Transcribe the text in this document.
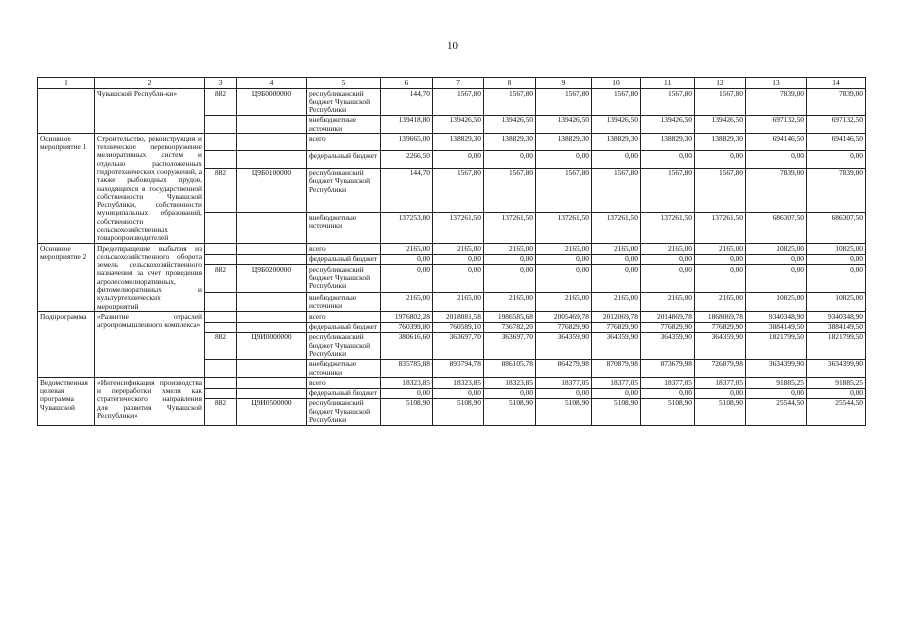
10
1	2	3	4	5	6	7	8	9	10	11	12	13	14
	Чувашской Республи-ки»	882	Ц9Б0000000	республиканский бюджет Чувашской Республики	144,70	1567,80	1567,80	1567,80	1567,80	1567,80	1567,80	7839,00	7839,00
				внебюджетные источники	139418,80	139426,50	139426,50	139426,50	139426,50	139426,50	139426,50	697132,50	697132,50
Основное мероприятие 1	Строительство, реконструкция и техническое перевооружение мелиоративных систем и отдельно расположенных гидротехнических сооружений, а также рыбоводных прудов, находящихся в государственной собственности Чувашской Республики, собственности муниципальных образований, собственности сельскохозяйственных товаропроизводителей			всего	139665,00	138829,30	138829,30	138829,30	138829,30	138829,30	138829,30	694146,50	694146,50
				федеральный бюджет	2266,50	0,00	0,00	0,00	0,00	0,00	0,00	0,00	0,00
		882	Ц9Б0100000	республиканский бюджет Чувашской Республики	144,70	1567,80	1567,80	1567,80	1567,80	1567,80	1567,80	7839,00	7839,00
				внебюджетные источники	137253,80	137261,50	137261,50	137261,50	137261,50	137261,50	137261,50	686307,50	686307,50
Основное мероприятие 2	Предотвращение выбытия из сельскохозяйственного оборота земель сельскохозяйственного назначения за счет проведения агролесомелиоративных, фитомелиоративных и культуртехнических мероприятий			всего	2165,00	2165,00	2165,00	2165,00	2165,00	2165,00	2165,00	10825,00	10825,00
				федеральный бюджет	0,00	0,00	0,00	0,00	0,00	0,00	0,00	0,00	0,00
		882	Ц9Б0200000	республиканский бюджет Чувашской Республики	0,00	0,00	0,00	0,00	0,00	0,00	0,00	0,00	0,00
				внебюджетные источники	2165,00	2165,00	2165,00	2165,00	2165,00	2165,00	2165,00	10825,00	10825,00
Подпрограмма	«Развитие отраслей агропромышленного комплекса»			всего	1976802,28	2018081,58	1986585,68	2005469,78	2012069,78	2014869,78	1868069,78	9340348,90	9340348,90
				федеральный бюджет	760399,80	760589,10	736782,20	776829,90	776829,90	776829,90	776829,90	3884149,50	3884149,50
		882	Ц9И0000000	республиканский бюджет Чувашской Республики	380616,60	363697,70	363697,70	364359,90	364359,90	364359,90	364359,90	1821799,50	1821799,50
				внебюджетные источники	835785,88	893794,78	886105,78	864279,98	870879,98	873679,98	726879,98	3634399,90	3634399,90
Ведомственная целевая программа Чувашской	«Интенсификация производства и переработки хмеля как стратегического направления для развития Чувашской Республики»			всего	18323,85	18323,85	18323,85	18377,05	18377,05	18377,05	18377,05	91885,25	91885,25
				федеральный бюджет	0,00	0,00	0,00	0,00	0,00	0,00	0,00	0,00	0,00
		882	Ц9И0500000	республиканский бюджет Чувашской Республики	5108,90	5108,90	5108,90	5108,90	5108,90	5108,90	5108,90	25544,50	25544,50
